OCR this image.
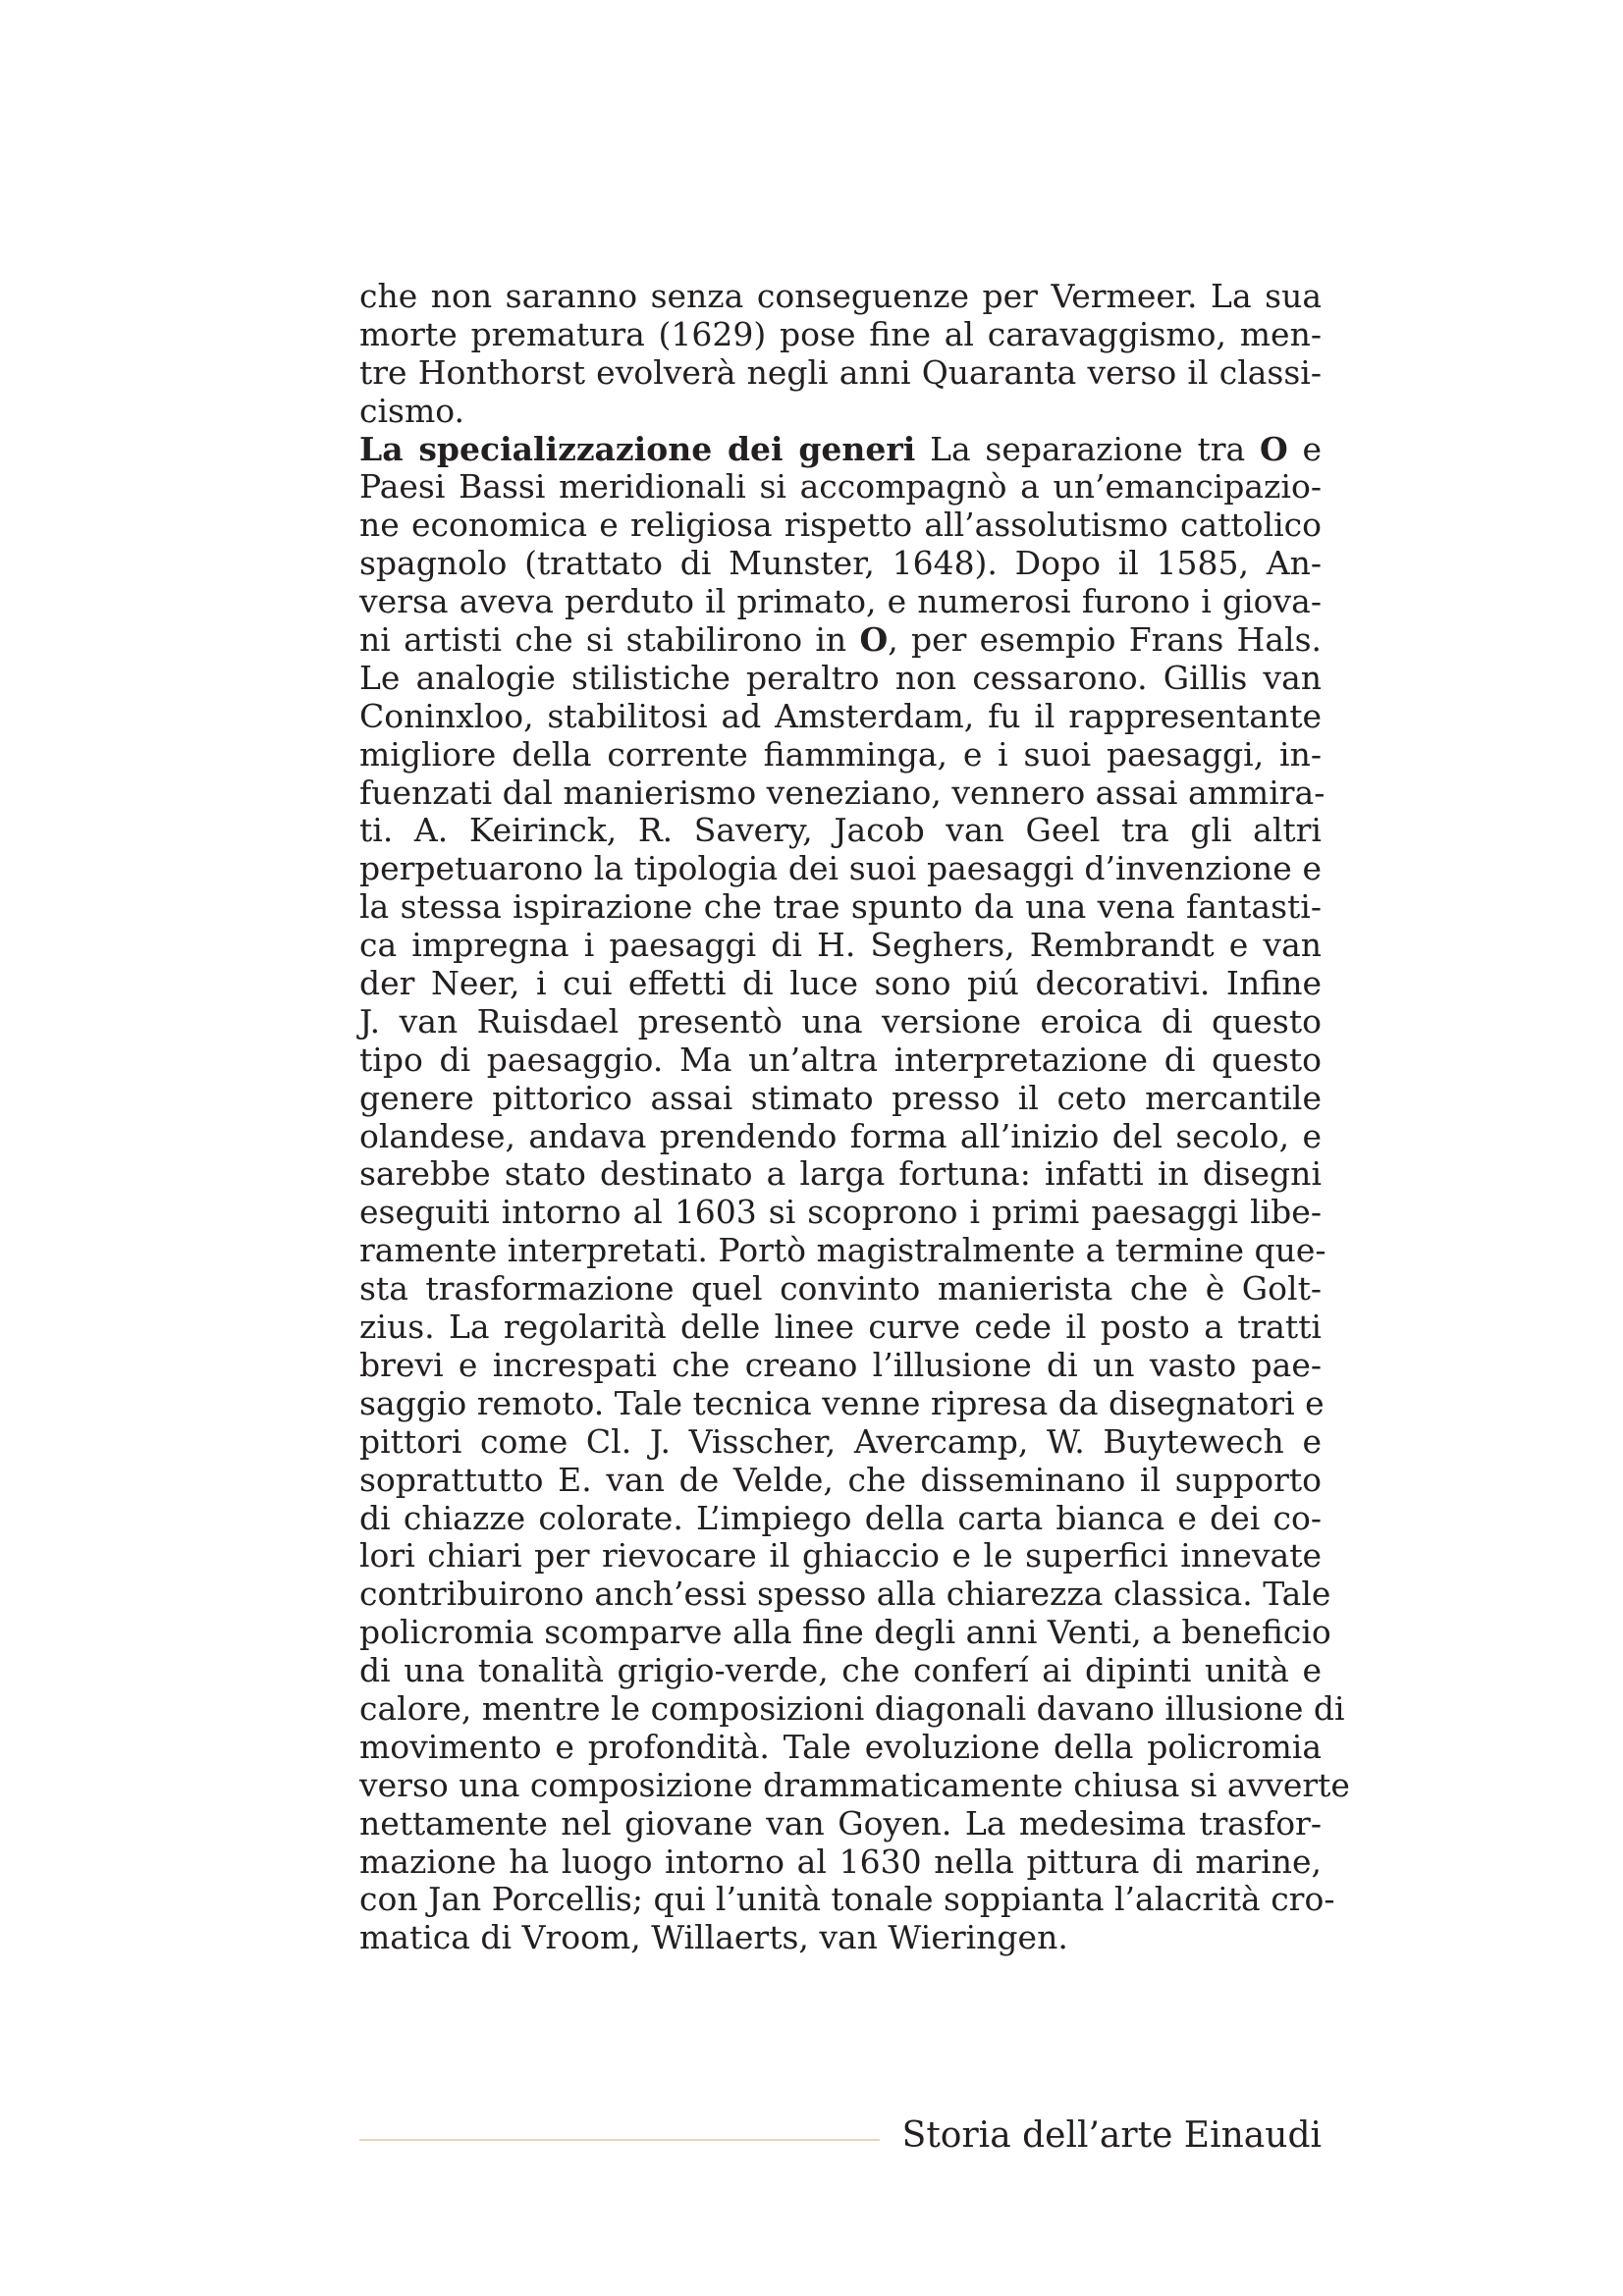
che non saranno senza conseguenze per Vermeer. La sua
morte prematura (1629) pose fine al caravaggismo, men-
tre Honthorst evolverà negli anni Quaranta verso il classi-
cismo.
La specializzazione dei generi La separazione tra O e
Paesi Bassi meridionali si accompagnò a un’emancipazio-
ne economica e religiosa rispetto all’assolutismo cattolico
spagnolo (trattato di Munster, 1648). Dopo il 1585, An-
versa aveva perduto il primato, e numerosi furono i giova-
ni artisti che si stabilirono in O, per esempio Frans Hals.
Le analogie stilistiche peraltro non cessarono. Gillis van
Coninxloo, stabilitosi ad Amsterdam, fu il rappresentante
migliore della corrente fiamminga, e i suoi paesaggi, in-
fuenzati dal manierismo veneziano, vennero assai ammira-
ti. A. Keirinck, R. Savery, Jacob van Geel tra gli altri
perpetuarono la tipologia dei suoi paesaggi d’invenzione e
la stessa ispirazione che trae spunto da una vena fantasti-
ca impregna i paesaggi di H. Seghers, Rembrandt e van
der Neer, i cui effetti di luce sono piú decorativi. Infine
J. van Ruisdael presentò una versione eroica di questo
tipo di paesaggio. Ma un’altra interpretazione di questo
genere pittorico assai stimato presso il ceto mercantile
olandese, andava prendendo forma all’inizio del secolo, e
sarebbe stato destinato a larga fortuna: infatti in disegni
eseguiti intorno al 1603 si scoprono i primi paesaggi libe-
ramente interpretati. Portò magistralmente a termine que-
sta trasformazione quel convinto manierista che è Golt-
zius. La regolarità delle linee curve cede il posto a tratti
brevi e increspati che creano l’illusione di un vasto pae-
saggio remoto. Tale tecnica venne ripresa da disegnatori e
pittori come Cl. J. Visscher, Avercamp, W. Buytewech e
soprattutto E. van de Velde, che disseminano il supporto
di chiazze colorate. L’impiego della carta bianca e dei co-
lori chiari per rievocare il ghiaccio e le superfici innevate
contribuirono anch’essi spesso alla chiarezza classica. Tale
policromia scomparve alla fine degli anni Venti, a beneficio
di una tonalità grigio-verde, che conferí ai dipinti unità e
calore, mentre le composizioni diagonali davano illusione di
movimento e profondità. Tale evoluzione della policromia
verso una composizione drammaticamente chiusa si avverte
nettamente nel giovane van Goyen. La medesima trasfor-
mazione ha luogo intorno al 1630 nella pittura di marine,
con Jan Porcellis; qui l’unità tonale soppianta l’alacrità cro-
matica di Vroom, Willaerts, van Wieringen.
Storia dell’arte Einaudi
